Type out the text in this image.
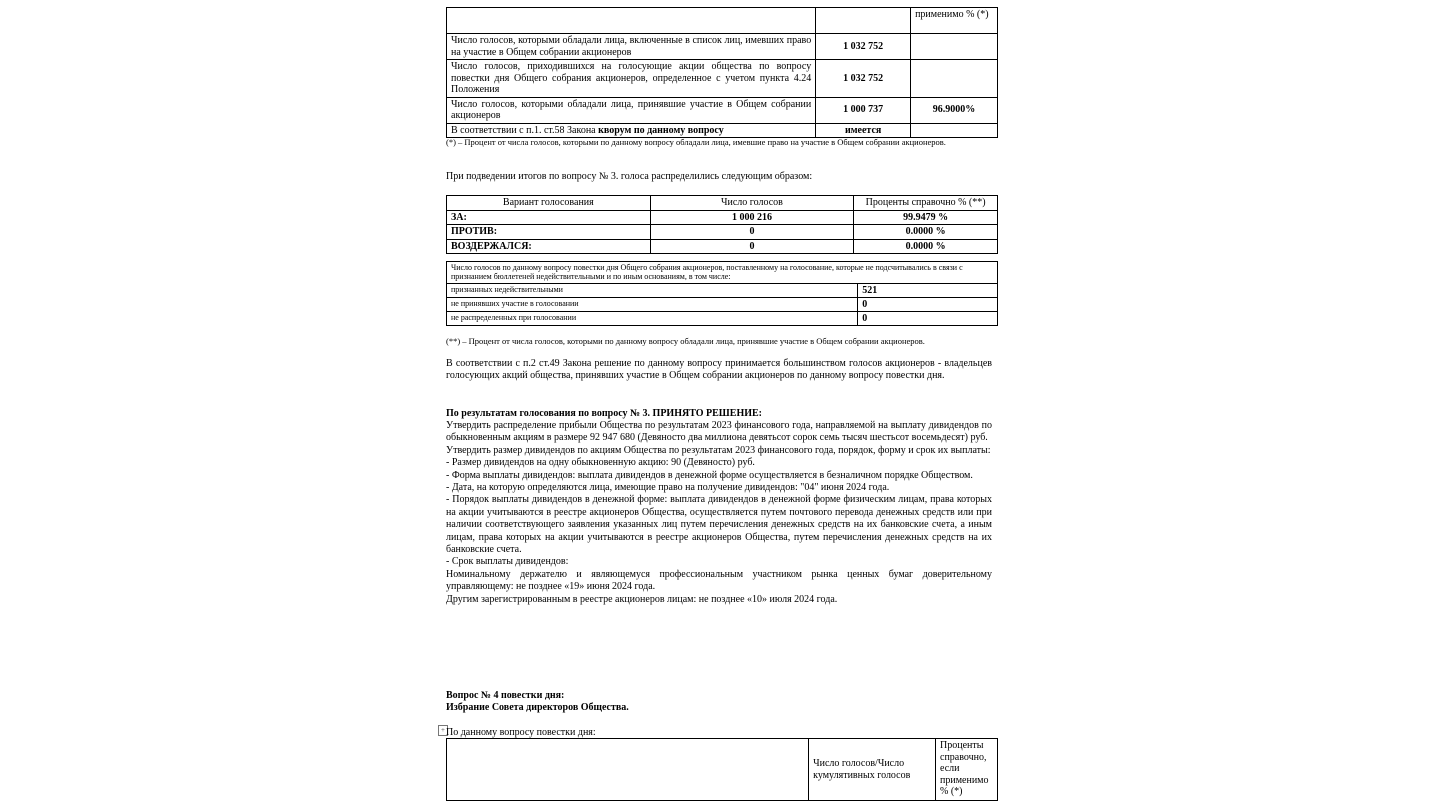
		применимо % (*)
Число голосов, которыми обладали лица, включенные в список лиц, имевших право на участие в Общем собрании акционеров	1 032 752	
Число голосов, приходившихся на голосующие акции общества по вопросу повестки дня Общего собрания акционеров, определенное с учетом пункта 4.24 Положения	1 032 752	
Число голосов, которыми обладали лица, принявшие участие в Общем собрании акционеров	1 000 737	96.9000%
В соответствии с п.1. ст.58 Закона кворум по данному вопросу	имеется	
(*) – Процент от числа голосов, которыми по данному вопросу обладали лица, имевшие право на участие в Общем собрании акционеров.
При подведении итогов по вопросу № 3. голоса распределились следующим образом:
Вариант голосования	Число голосов	Проценты справочно % (**)
ЗА:	1 000 216	99.9479 %
ПРОТИВ:	0	0.0000 %
ВОЗДЕРЖАЛСЯ:	0	0.0000 %
Число голосов по данному вопросу повестки дня Общего собрания акционеров, поставленному на голосование, которые не подсчитывались в связи с признанием бюллетеней недействительными и по иным основаниям, в том числе:	
признанных недействительными	521
не принявших участие в голосовании	0
не распределенных при голосовании	0
(**) – Процент от числа голосов, которыми по данному вопросу обладали лица, принявшие участие в Общем собрании акционеров.
В соответствии с п.2 ст.49 Закона решение по данному вопросу принимается большинством голосов акционеров - владельцев голосующих акций общества, принявших участие в Общем собрании акционеров по данному вопросу повестки дня.
По результатам голосования по вопросу № 3. ПРИНЯТО РЕШЕНИЕ:
Утвердить распределение прибыли Общества по результатам 2023 финансового года, направляемой на выплату дивидендов по обыкновенным акциям в размере 92 947 680 (Девяносто два миллиона девятьсот сорок семь тысяч шестьсот восемьдесят) руб.
Утвердить размер дивидендов по акциям Общества по результатам 2023 финансового года, порядок, форму и срок их выплаты:
- Размер дивидендов на одну обыкновенную акцию: 90 (Девяносто) руб.
- Форма выплаты дивидендов: выплата дивидендов в денежной форме осуществляется в безналичном порядке Обществом.
- Дата, на которую определяются лица, имеющие право на получение дивидендов: "04" июня 2024 года.
- Порядок выплаты дивидендов в денежной форме: выплата дивидендов в денежной форме физическим лицам, права которых на акции учитываются в реестре акционеров Общества, осуществляется путем почтового перевода денежных средств или при наличии соответствующего заявления указанных лиц путем перечисления денежных средств на их банковские счета, а иным лицам, права которых на акции учитываются в реестре акционеров Общества, путем перечисления денежных средств на их банковские счета.
- Срок выплаты дивидендов:
Номинальному держателю и являющемуся профессиональным участником рынка ценных бумаг доверительному управляющему: не позднее «19» июня 2024 года.
Другим зарегистрированным в реестре акционеров лицам: не позднее «10» июля 2024 года.
Вопрос № 4 повестки дня:
Избрание Совета директоров Общества.
+ По данному вопросу повестки дня:
	Число голосов/Число кумулятивных голосов	Проценты справочно, если применимо % (*)
